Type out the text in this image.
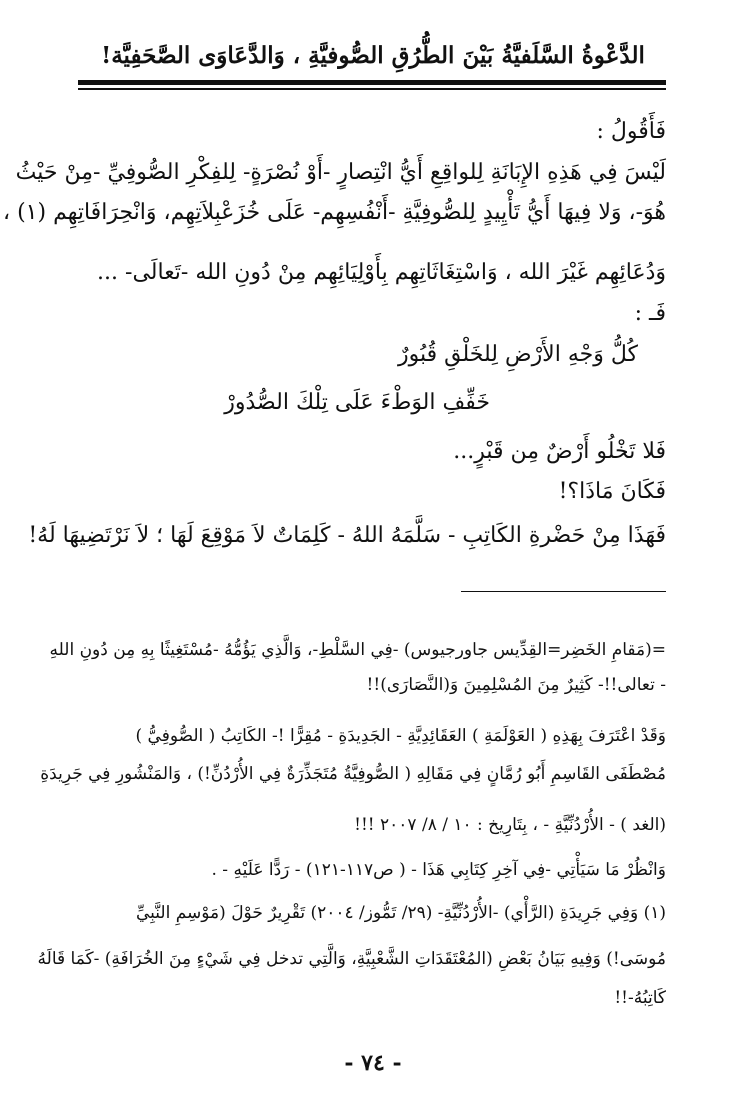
الدَّعْوةُ السَّلَفيَّةُ بَيْنَ الطُّرُقِ الصُّوفيَّةِ ، وَالدَّعَاوَى الصَّحَفِيَّة!
فَأَقُولُ :
لَيْسَ فِي هَذِهِ الإِبَانَةِ لِلواقِعِ أَيُّ انْتِصارٍ -أَوْ نُصْرَةٍ- لِلفِكْرِ الصُّوفِيِّ -مِنْ حَيْثُ
هُوَ-، وَلا فِيهَا أَيُّ تَأْيِيدٍ لِلصُّوفِيَّةِ -أَنْفُسِهِم- عَلَى خُزَعْبِلاَتِهِم، وَانْحِرَافَاتِهِم (١) ،
وَدُعَائِهِم غَيْرَ الله ، وَاسْتِغَاثَاتِهِم بِأَوْلِيَائِهِم مِنْ دُونِ الله -تَعالَى- ...
فَـ :
كُلُّ وَجْهِ الأَرْضِ لِلخَلْقِ قُبُورٌ
خَفِّفِ الوَطْءَ عَلَى تِلْكَ الصُّدُورْ
فَلا تَخْلُو أَرْضٌ مِن قَبْرٍ...
فَكَانَ مَاذَا؟!
فَهَذَا مِنْ حَضْرةِ الكَاتِبِ - سَلَّمَهُ اللهُ - كَلِمَاتٌ لاَ مَوْقِعَ لَهَا ؛ لاَ نَرْتَضِيهَا لَهُ!
=(مَقامِ الخَضِر=القِدِّيس جاورجيوس) -فِي السَّلْطِ-، وَالَّذِي يَؤُمُّهُ -مُسْتَغِيثًا بِهِ مِن دُونِ اللهِ
- تعالى!!- كَثِيرٌ مِنَ المُسْلِمِينَ وَ(النَّصَارَى)!!
وَقَدْ اعْتَرَفَ بِهَذِهِ ( العَوْلَمَةِ ) العَقَائِدِيَّةِ - الجَدِيدَةِ - مُقِرًّا !- الكَاتِبُ ( الصُّوفِيُّ )
مُصْطَفَى القَاسِمِ أَبُو رُمَّانٍ فِي مَقَالِهِ ( الصُّوفِيَّةُ مُتَجَذِّرَةٌ فِي الأُرْدُنِّ!) ، وَالمَنْشُورِ فِي جَرِيدَةِ
(الغد ) - الأُرْدُنِّيَّةِ - ، بِتَارِيخ : ١٠ / ٨/ ٢٠٠٧ !!!
وَانْظُرْ مَا سَيَأْتِي -فِي آخِرِ كِتَابِي هَذَا - ( ص١١٧-١٢١) - رَدًّا عَلَيْهِ - .
(١) وَفِي جَرِيدَةِ (الرَّأْي) -الأُرْدُنِّيَّةِ- (٢٩/ تَمُّوز/ ٢٠٠٤) تَقْرِيرٌ حَوْلَ (مَوْسِمِ النَّبِيِّ
مُوسَى!) وَفِيهِ بَيَانُ بَعْضِ (المُعْتَقَدَاتِ الشَّعْبِيَّةِ، وَالَّتِي تدخل فِي شَيْءٍ مِنَ الخُرَافَةِ) -كَمَا قَالَهُ
كَاتِبُهُ-!!
- ٧٤ -
